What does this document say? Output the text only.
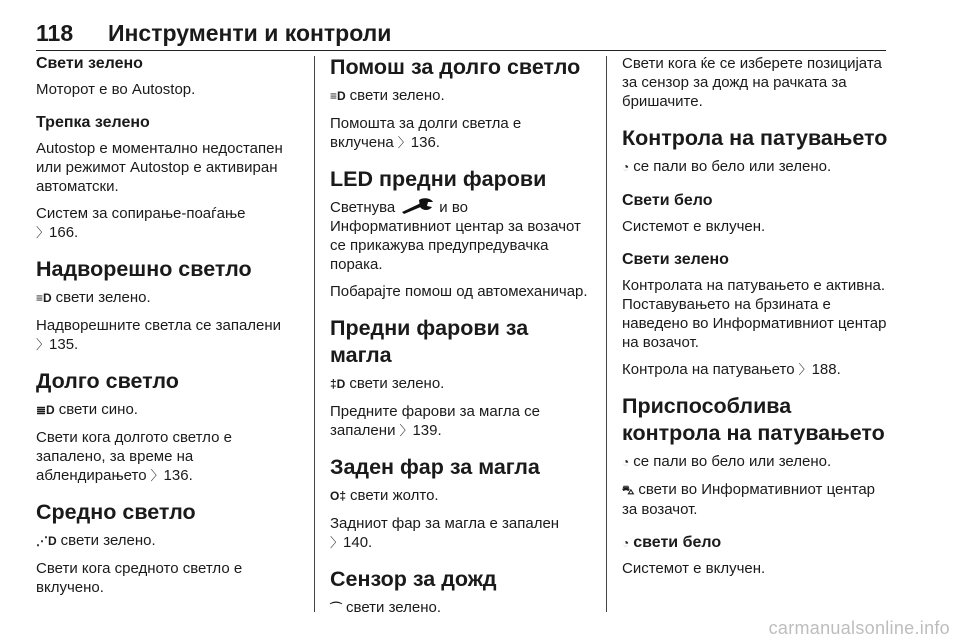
118	Инструменти и контроли
Свети зелено

Моторот е во Autostop.

Трепка зелено

Autostop е моментално недостапен или режимот Autostop е активиран автоматски.

Систем за сопирање-поаѓање
〉 166.

Надворешно светло

≡D свети зелено.

Надворешните светла се запалени
〉 135.

Долго светло

≣D свети сино.

Свети кога долгото светло е запалено, за време на аблендирањето 〉 136.

Средно светло

⋰D свети зелено.

Свети кога средното светло е вклучено.

Помош за долго светло

≡D свети зелено.

Помошта за долги светла е вклучена 〉 136.

LED предни фарови

Светнува	и во Информативниот центар за возачот се прикажува предупредувачка порака.

Побарајте помош од автомеханичар.

Предни фарови за магла

‡D свети зелено.

Предните фарови за магла се запалени 〉 139.

Заден фар за магла

O‡ свети жолто.

Задниот фар за магла е запален
〉 140.

Сензор за дожд

⌒ свети зелено.

Свети кога ќе се изберете позицијата за сензор за дожд на рачката за бришачите.

Контрола на патувањето

◔ се пали во бело или зелено.

Свети бело

Системот е вклучен.

Свети зелено

Контролата на патувањето е активна. Поставувањето на брзината е наведено во Информативниот центар на возачот.

Контрола на патувањето 〉 188.

Приспособлива контрола на патувањето

◔ се пали во бело или зелено.

⛍ свети во Информативниот центар за возачот.

◔ свети бело

Системот е вклучен.

carmanualsonline.info
